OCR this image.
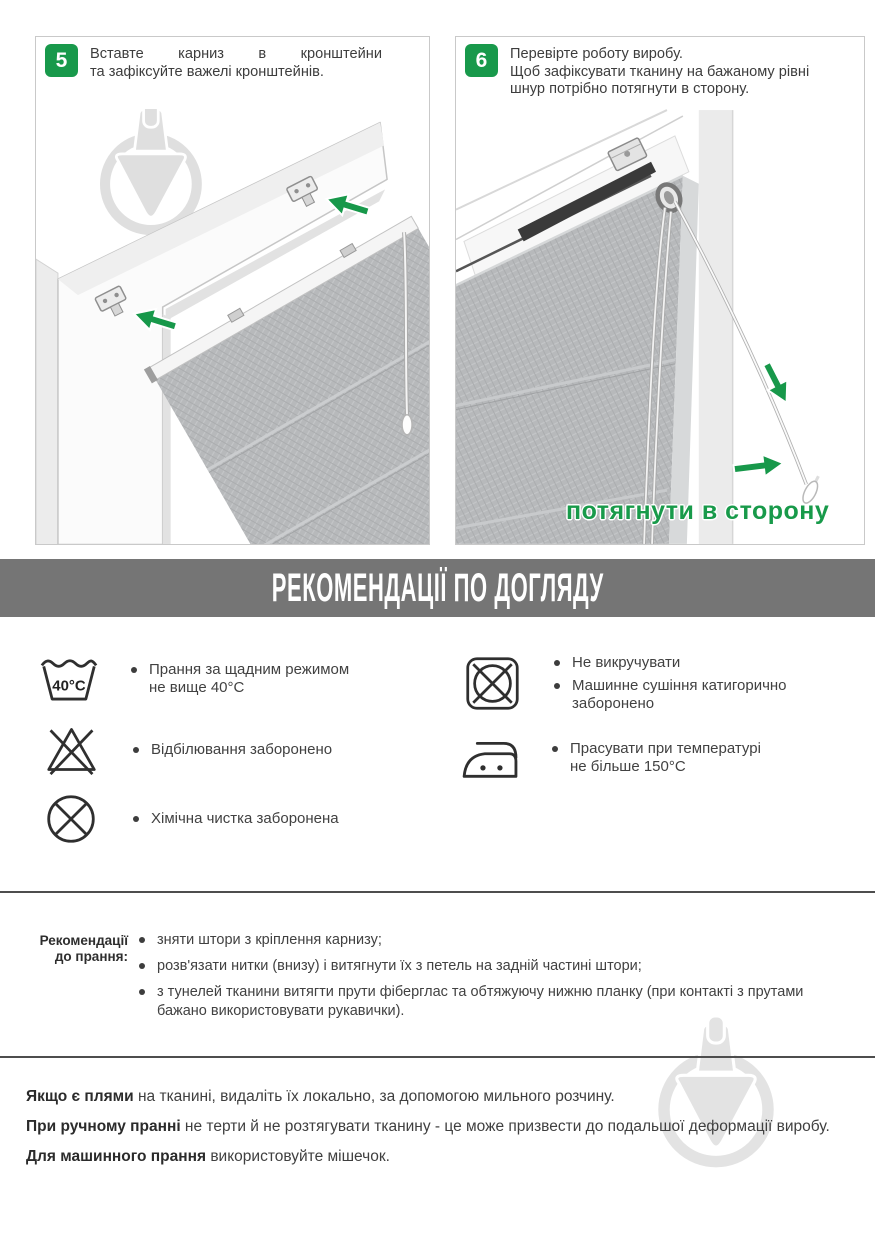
5	Вставте карниз в кронштейни
та зафіксуйте важелі кронштейнів.	6	Перевірте роботу виробу.
Щоб зафіксувати тканину на бажаному рівні
шнур потрібно потягнути в сторону.
потягнути в сторону
РЕКОМЕНДАЦІЇ ПО ДОГЛЯДУ
40°C
Прання за щадним режимом
не вище 40°С
Відбілювання заборонено
Хімічна чистка заборонена
Не викручувати
Машинне сушіння катигорично
заборонено
Прасувати при температурі
не більше 150°С
Рекомендації
до прання:
зняти штори з кріплення карнизу;
розв'язати нитки (внизу) і витягнути їх з петель на задній частині штори;
з тунелей тканини витягти прути фіберглас та обтяжуючу нижню планку (при контакті з прутами бажано використовувати рукавички).

Якщо є плями на тканині, видаліть їх локально, за допомогою мильного розчину.

При ручному пранні не терти й не розтягувати тканину - це може призвести до подальшої деформації виробу.

Для машинного прання використовуйте мішечок.
